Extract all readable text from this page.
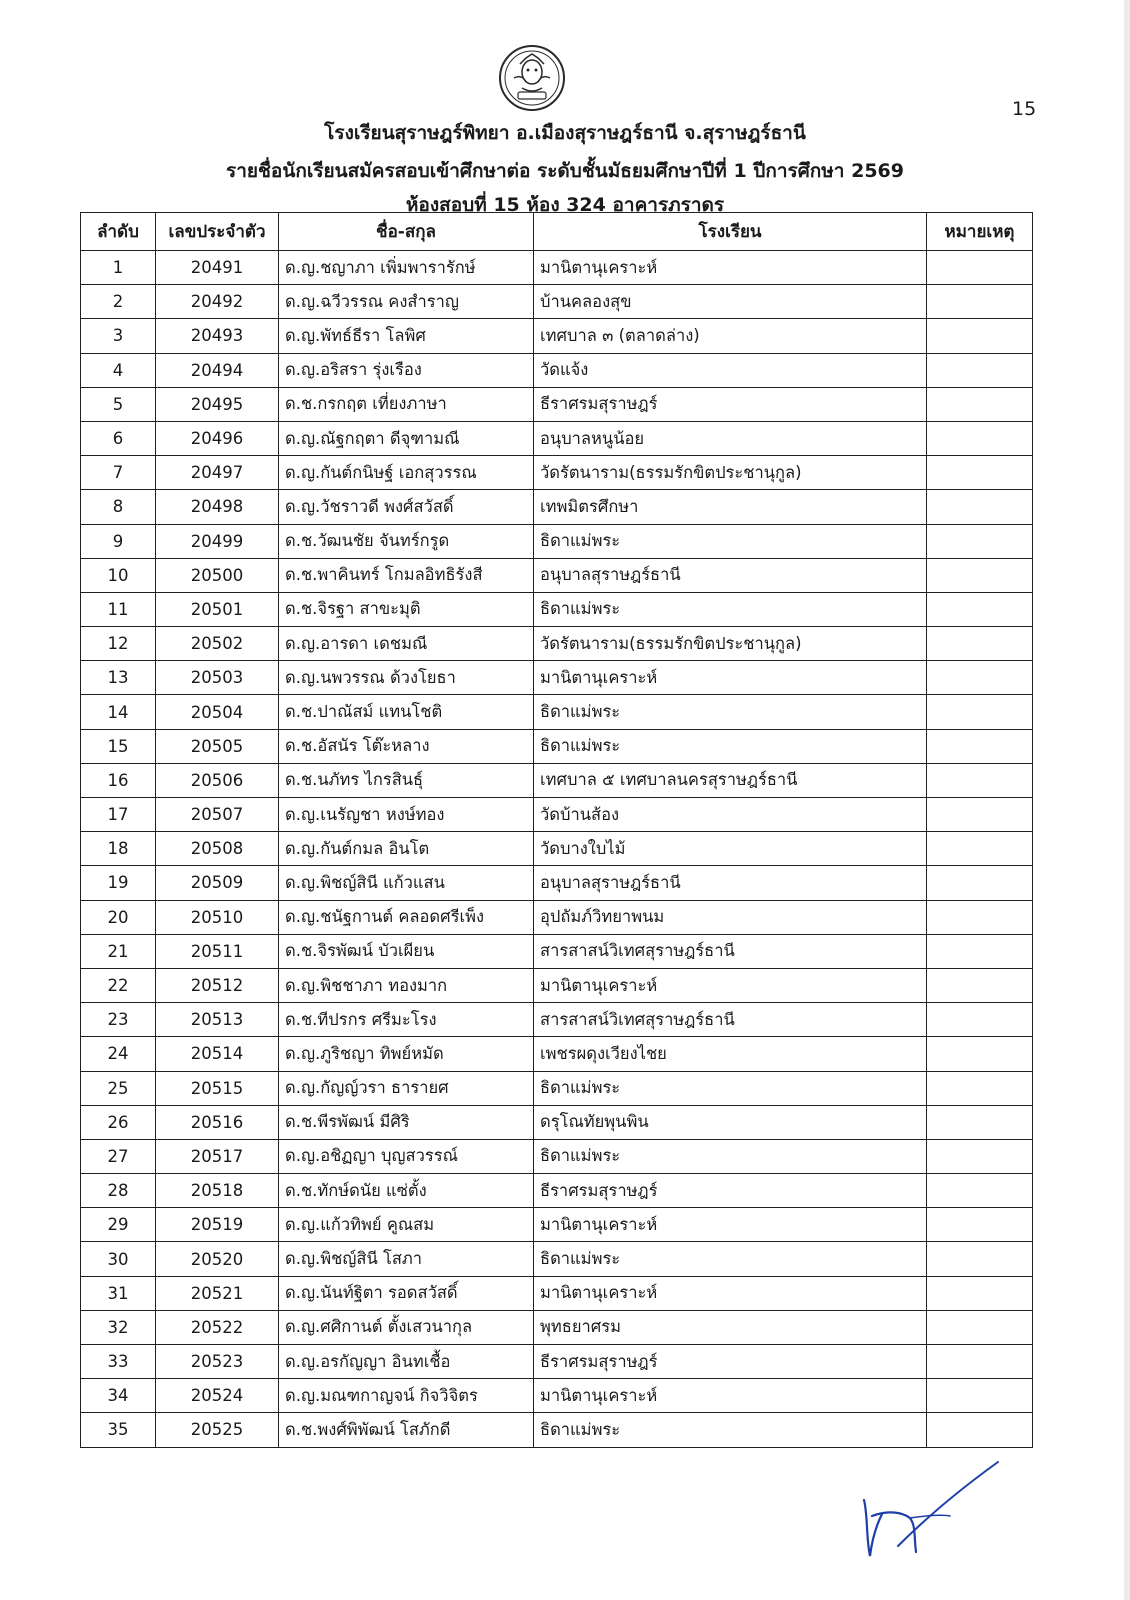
15
โรงเรียนสุราษฎร์พิทยา อ.เมืองสุราษฎร์ธานี จ.สุราษฎร์ธานี
รายชื่อนักเรียนสมัครสอบเข้าศึกษาต่อ ระดับชั้นมัธยมศึกษาปีที่ 1 ปีการศึกษา 2569
ห้องสอบที่ 15 ห้อง 324 อาคารภราดร
ลำดับ	เลขประจำตัว	ชื่อ-สกุล	โรงเรียน	หมายเหตุ
1	20491	ด.ญ.ชญาภา เพิ่มพารารักษ์	มานิตานุเคราะห์	
2	20492	ด.ญ.ฉวีวรรณ คงสำราญ	บ้านคลองสุข	
3	20493	ด.ญ.พัทธ์ธีรา โลพิศ	เทศบาล ๓ (ตลาดล่าง)	
4	20494	ด.ญ.อริสรา รุ่งเรือง	วัดแจ้ง	
5	20495	ด.ช.กรกฤต เที่ยงภาษา	ธีราศรมสุราษฎร์	
6	20496	ด.ญ.ณัฐกฤตา ดีจุฑามณี	อนุบาลหนูน้อย	
7	20497	ด.ญ.กันต์กนิษฐ์ เอกสุวรรณ	วัดรัตนาราม(ธรรมรักขิตประชานุกูล)	
8	20498	ด.ญ.วัชราวดี พงศ์สวัสดิ์	เทพมิตรศึกษา	
9	20499	ด.ช.วัฒนชัย จันทร์กรูด	ธิดาแม่พระ	
10	20500	ด.ช.พาคินทร์ โกมลอิทธิรังสี	อนุบาลสุราษฎร์ธานี	
11	20501	ด.ช.จิรฐา สาขะมุติ	ธิดาแม่พระ	
12	20502	ด.ญ.อารดา เดชมณี	วัดรัตนาราม(ธรรมรักขิตประชานุกูล)	
13	20503	ด.ญ.นพวรรณ ด้วงโยธา	มานิตานุเคราะห์	
14	20504	ด.ช.ปาณัสม์ แทนโชติ	ธิดาแม่พระ	
15	20505	ด.ช.อัสนัร โต๊ะหลาง	ธิดาแม่พระ	
16	20506	ด.ช.นภัทร ไกรสินธุ์	เทศบาล ๕ เทศบาลนครสุราษฎร์ธานี	
17	20507	ด.ญ.เนรัญชา หงษ์ทอง	วัดบ้านส้อง	
18	20508	ด.ญ.กันต์กมล อินโต	วัดบางใบไม้	
19	20509	ด.ญ.พิชญ์สินี แก้วแสน	อนุบาลสุราษฎร์ธานี	
20	20510	ด.ญ.ชนัฐกานต์ คลอดศรีเพ็ง	อุปถัมภ์วิทยาพนม	
21	20511	ด.ช.จิรพัฒน์ บัวเผียน	สารสาสน์วิเทศสุราษฎร์ธานี	
22	20512	ด.ญ.พิชชาภา ทองมาก	มานิตานุเคราะห์	
23	20513	ด.ช.ทีปรกร ศรีมะโรง	สารสาสน์วิเทศสุราษฎร์ธานี	
24	20514	ด.ญ.ภูริชญา ทิพย์หมัด	เพชรผดุงเวียงไชย	
25	20515	ด.ญ.กัญญ์วรา ธารายศ	ธิดาแม่พระ	
26	20516	ด.ช.พีรพัฒน์ มีศิริ	ดรุโณทัยพุนพิน	
27	20517	ด.ญ.อชิฏญา บุญสวรรณ์	ธิดาแม่พระ	
28	20518	ด.ช.ทักษ์ดนัย แซ่ตั้ง	ธีราศรมสุราษฎร์	
29	20519	ด.ญ.แก้วทิพย์ คูณสม	มานิตานุเคราะห์	
30	20520	ด.ญ.พิชญ์สินี โสภา	ธิดาแม่พระ	
31	20521	ด.ญ.นันท์ฐิตา รอดสวัสดิ์	มานิตานุเคราะห์	
32	20522	ด.ญ.ศศิกานต์ ตั้งเสวนากุล	พุทธยาศรม	
33	20523	ด.ญ.อรกัญญา อินทเชื้อ	ธีราศรมสุราษฎร์	
34	20524	ด.ญ.มณฑกาญจน์ กิจวิจิตร	มานิตานุเคราะห์	
35	20525	ด.ช.พงศ์พิพัฒน์ โสภักดี	ธิดาแม่พระ	
